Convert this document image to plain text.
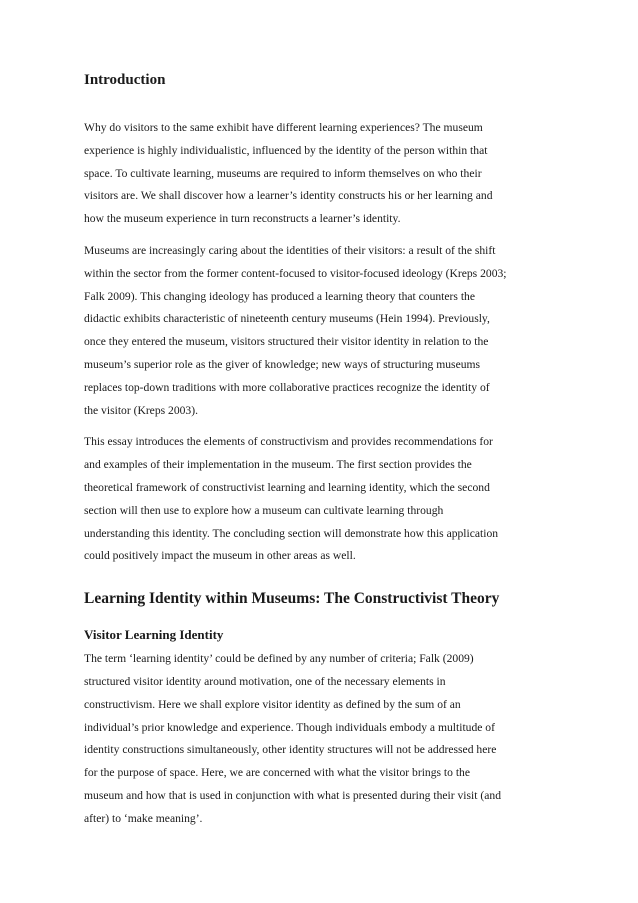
Introduction
Why do visitors to the same exhibit have different learning experiences? The museum
experience is highly individualistic, influenced by the identity of the person within that
space. To cultivate learning, museums are required to inform themselves on who their
visitors are. We shall discover how a learner’s identity constructs his or her learning and
how the museum experience in turn reconstructs a learner’s identity.
Museums are increasingly caring about the identities of their visitors: a result of the shift
within the sector from the former content-focused to visitor-focused ideology (Kreps 2003;
Falk 2009). This changing ideology has produced a learning theory that counters the
didactic exhibits characteristic of nineteenth century museums (Hein 1994). Previously,
once they entered the museum, visitors structured their visitor identity in relation to the
museum’s superior role as the giver of knowledge; new ways of structuring museums
replaces top-down traditions with more collaborative practices recognize the identity of
the visitor (Kreps 2003).
This essay introduces the elements of constructivism and provides recommendations for
and examples of their implementation in the museum. The first section provides the
theoretical framework of constructivist learning and learning identity, which the second
section will then use to explore how a museum can cultivate learning through
understanding this identity. The concluding section will demonstrate how this application
could positively impact the museum in other areas as well.
Learning Identity within Museums: The Constructivist Theory
Visitor Learning Identity
The term ‘learning identity’ could be defined by any number of criteria; Falk (2009)
structured visitor identity around motivation, one of the necessary elements in
constructivism. Here we shall explore visitor identity as defined by the sum of an
individual’s prior knowledge and experience. Though individuals embody a multitude of
identity constructions simultaneously, other identity structures will not be addressed here
for the purpose of space. Here, we are concerned with what the visitor brings to the
museum and how that is used in conjunction with what is presented during their visit (and
after) to ‘make meaning’.
